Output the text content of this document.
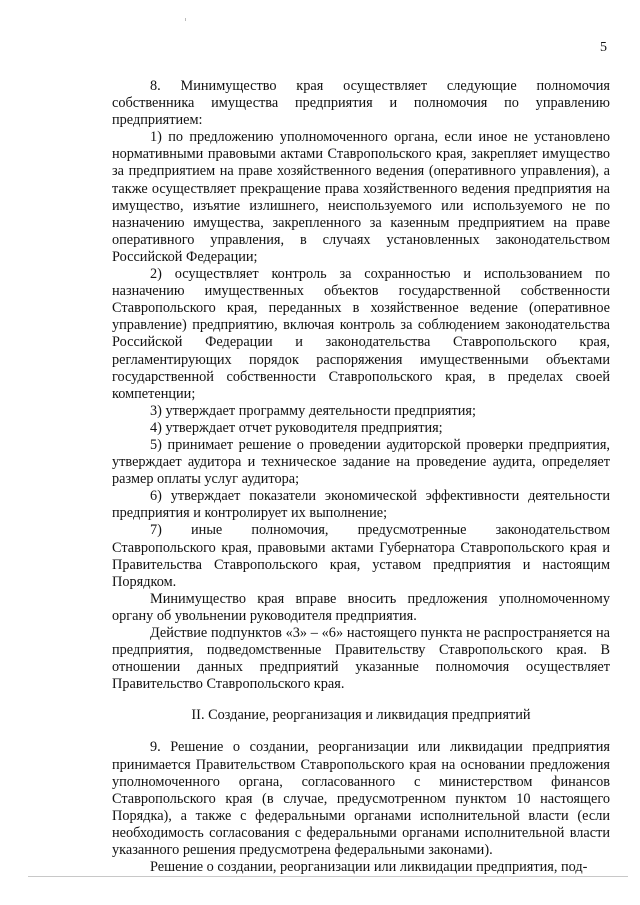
5

8. Минимущество края осуществляет следующие полномочия собственника имущества предприятия и полномочия по управлению предприятием:

1) по предложению уполномоченного органа, если иное не установлено нормативными правовыми актами Ставропольского края, закрепляет имущество за предприятием на праве хозяйственного ведения (оперативного управления), а также осуществляет прекращение права хозяйственного ведения предприятия на имущество, изъятие излишнего, неиспользуемого или используемого не по назначению имущества, закрепленного за казенным предприятием на праве оперативного управления, в случаях установленных законодательством Российской Федерации;

2) осуществляет контроль за сохранностью и использованием по назначению имущественных объектов государственной собственности Ставропольского края, переданных в хозяйственное ведение (оперативное управление) предприятию, включая контроль за соблюдением законодательства Российской Федерации и законодательства Ставропольского края, регламентирующих порядок распоряжения имущественными объектами государственной собственности Ставропольского края, в пределах своей компетенции;

3) утверждает программу деятельности предприятия;

4) утверждает отчет руководителя предприятия;

5) принимает решение о проведении аудиторской проверки предприятия, утверждает аудитора и техническое задание на проведение аудита, определяет размер оплаты услуг аудитора;

6) утверждает показатели экономической эффективности деятельности предприятия и контролирует их выполнение;

7) иные полномочия, предусмотренные законодательством Ставропольского края, правовыми актами Губернатора Ставропольского края и Правительства Ставропольского края, уставом предприятия и настоящим Порядком.

Минимущество края вправе вносить предложения уполномоченному органу об увольнении руководителя предприятия.

Действие подпунктов «3» – «6» настоящего пункта не распространяется на предприятия, подведомственные Правительству Ставропольского края. В отношении данных предприятий указанные полномочия осуществляет Правительство Ставропольского края.

II. Создание, реорганизация и ликвидация предприятий

9. Решение о создании, реорганизации или ликвидации предприятия принимается Правительством Ставропольского края на основании предложения уполномоченного органа, согласованного с министерством финансов Ставропольского края (в случае, предусмотренном пунктом 10 настоящего Порядка), а также с федеральными органами исполнительной власти (если необходимость согласования с федеральными органами исполнительной власти указанного решения предусмотрена федеральными законами).

Решение о создании, реорганизации или ликвидации предприятия, под-
